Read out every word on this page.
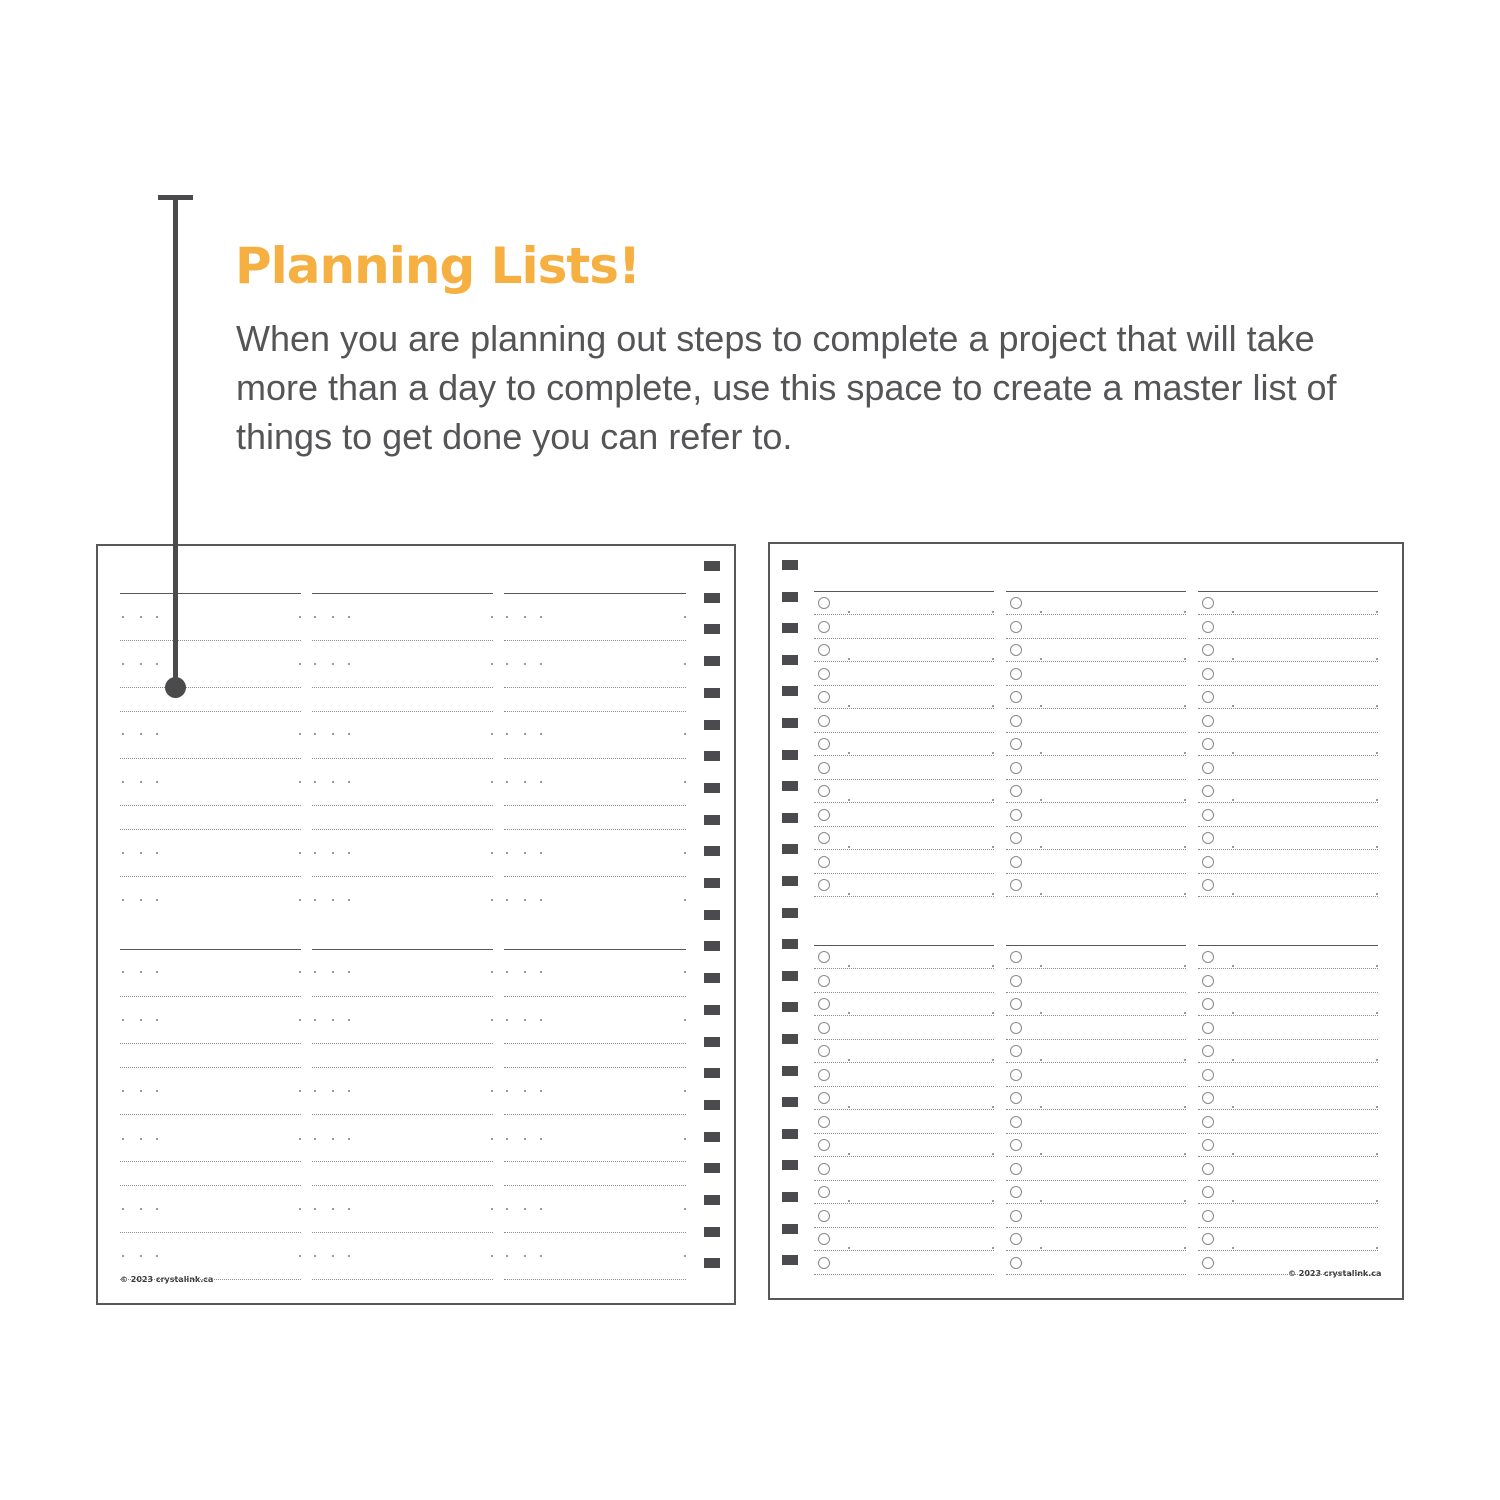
Planning Lists!

When you are planning out steps to complete a project that will take more than a day to complete, use this space to create a master list of things to get done you can refer to.

© 2023 crystalink.ca
© 2023 crystalink.ca
